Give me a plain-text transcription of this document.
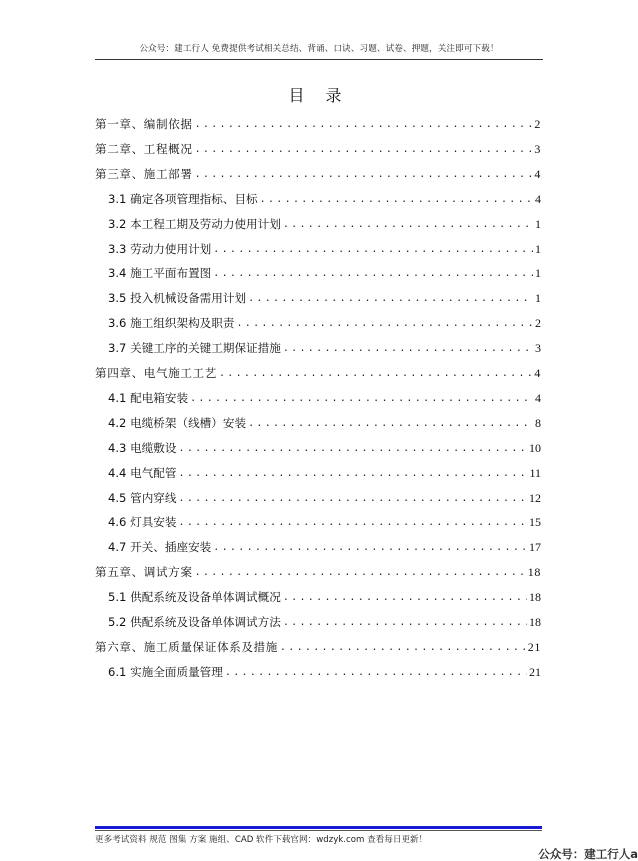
公众号：建工行人 免费提供考试相关总结、背诵、口诀、习题、试卷、押题，关注即可下载！
目 录
第一章、编制依据 .....	2
第二章、工程概况 .....	3
第三章、施工部署 .....	4
3.1 确定各项管理指标、目标 .....	4
3.2 本工程工期及劳动力使用计划 .....	1
3.3 劳动力使用计划 .....	1
3.4 施工平面布置图 .....	1
3.5 投入机械设备需用计划 .....	1
3.6 施工组织架构及职责 .....	2
3.7 关键工序的关键工期保证措施 .....	3
第四章、电气施工工艺 .....	4
4.1 配电箱安装 .....	4
4.2 电缆桥架（线槽）安装 .....	8
4.3 电缆敷设 .....	10
4.4 电气配管 .....	11
4.5 管内穿线 .....	12
4.6 灯具安装 .....	15
4.7 开关、插座安装 .....	17
第五章、调试方案 .....	18
5.1 供配系统及设备单体调试概况 .....	18
5.2 供配系统及设备单体调试方法 .....	18
第六章、施工质量保证体系及措施 .....	21
6.1 实施全面质量管理 .....	21
更多考试资料 规范 图集 方案 施组、CAD 软件下载官网：wdzyk.com 查看每日更新！
公众号：建工行人a
